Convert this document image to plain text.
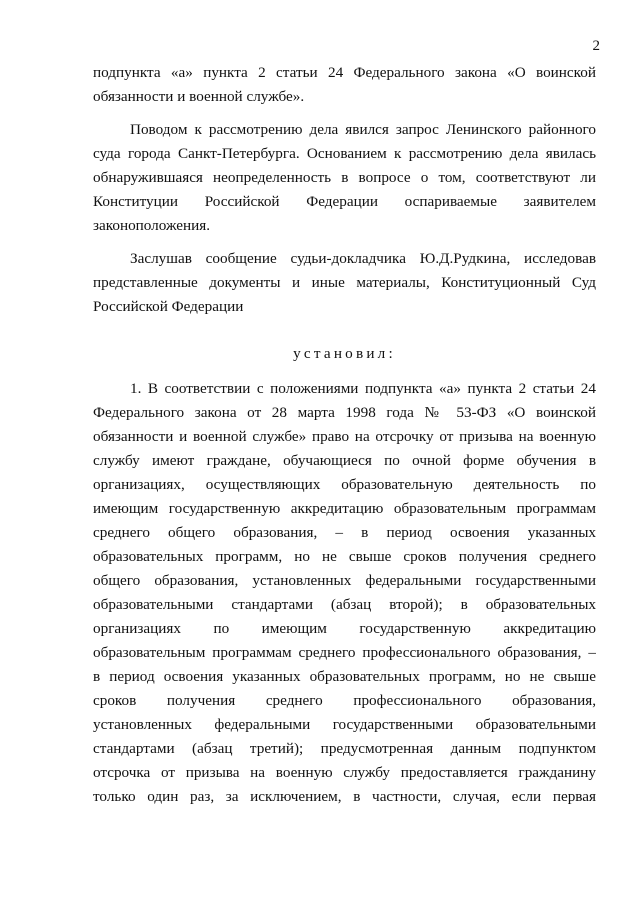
2
подпункта «а» пункта 2 статьи 24 Федерального закона «О воинской
обязанности и военной службе».
Поводом к рассмотрению дела явился запрос Ленинского районного
суда города Санкт-Петербурга. Основанием к рассмотрению дела явилась
обнаружившаяся неопределенность в вопросе о том, соответствуют ли
Конституции Российской Федерации оспариваемые заявителем
законоположения.
Заслушав сообщение судьи-докладчика Ю.Д.Рудкина, исследовав
представленные документы и иные материалы, Конституционный Суд
Российской Федерации
установил:
1. В соответствии с положениями подпункта «а» пункта 2 статьи 24
Федерального закона от 28 марта 1998 года № 53-ФЗ «О воинской
обязанности и военной службе» право на отсрочку от призыва на военную
службу имеют граждане, обучающиеся по очной форме обучения в
организациях, осуществляющих образовательную деятельность по
имеющим государственную аккредитацию образовательным программам
среднего общего образования, – в период освоения указанных
образовательных программ, но не свыше сроков получения среднего
общего образования, установленных федеральными государственными
образовательными стандартами (абзац второй); в образовательных
организациях по имеющим государственную аккредитацию
образовательным программам среднего профессионального образования, –
в период освоения указанных образовательных программ, но не свыше
сроков получения среднего профессионального образования,
установленных федеральными государственными образовательными
стандартами (абзац третий); предусмотренная данным подпунктом
отсрочка от призыва на военную службу предоставляется гражданину
только один раз, за исключением, в частности, случая, если первая
